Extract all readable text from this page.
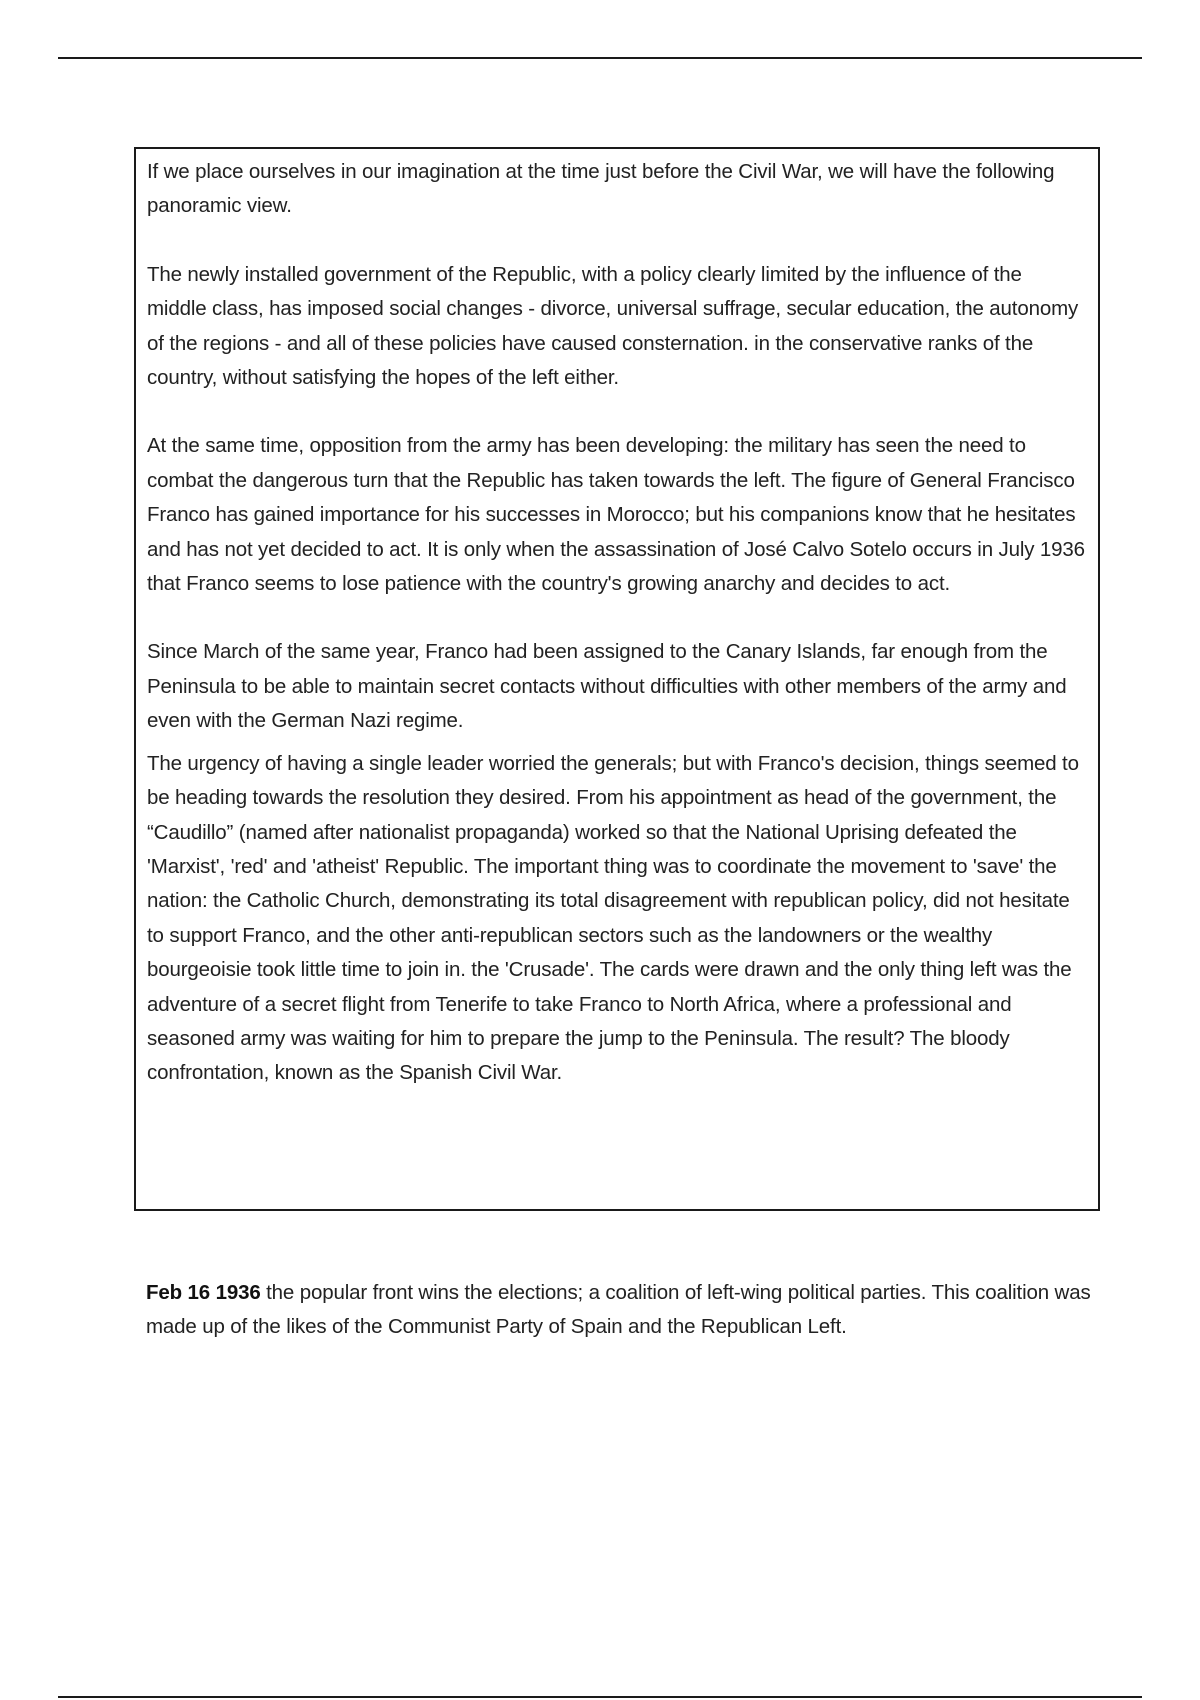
If we place ourselves in our imagination at the time just before the Civil War, we will have the following panoramic view.

The newly installed government of the Republic, with a policy clearly limited by the influence of the middle class, has imposed social changes - divorce, universal suffrage, secular education, the autonomy of the regions - and all of these policies have caused consternation. in the conservative ranks of the country, without satisfying the hopes of the left either.

At the same time, opposition from the army has been developing: the military has seen the need to combat the dangerous turn that the Republic has taken towards the left. The figure of General Francisco Franco has gained importance for his successes in Morocco; but his companions know that he hesitates and has not yet decided to act. It is only when the assassination of José Calvo Sotelo occurs in July 1936 that Franco seems to lose patience with the country's growing anarchy and decides to act.

Since March of the same year, Franco had been assigned to the Canary Islands, far enough from the Peninsula to be able to maintain secret contacts without difficulties with other members of the army and even with the German Nazi regime.

The urgency of having a single leader worried the generals; but with Franco's decision, things seemed to be heading towards the resolution they desired. From his appointment as head of the government, the “Caudillo” (named after nationalist propaganda) worked so that the National Uprising defeated the 'Marxist', 'red' and 'atheist' Republic. The important thing was to coordinate the movement to 'save' the nation: the Catholic Church, demonstrating its total disagreement with republican policy, did not hesitate to support Franco, and the other anti-republican sectors such as the landowners or the wealthy bourgeoisie took little time to join in. the 'Crusade'. The cards were drawn and the only thing left was the adventure of a secret flight from Tenerife to take Franco to North Africa, where a professional and seasoned army was waiting for him to prepare the jump to the Peninsula. The result? The bloody confrontation, known as the Spanish Civil War.

Feb 16 1936 the popular front wins the elections; a coalition of left-wing political parties. This coalition was made up of the likes of the Communist Party of Spain and the Republican Left.
